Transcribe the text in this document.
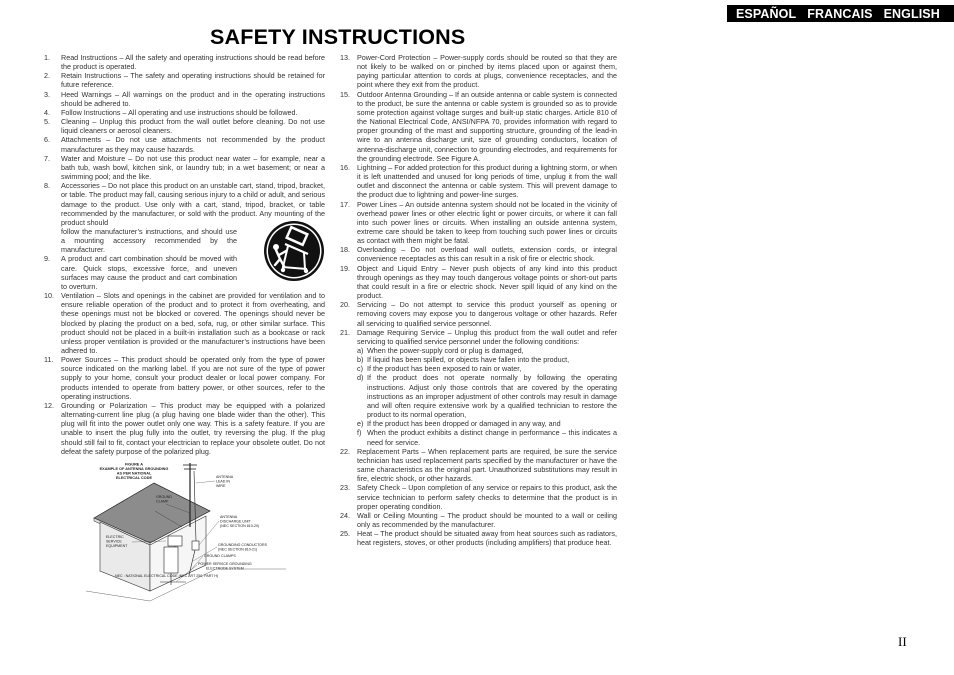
ESPAÑOL FRANCAIS ENGLISH
SAFETY INSTRUCTIONS
1. Read Instructions – All the safety and operating instructions should be read before the product is operated.
2. Retain Instructions – The safety and operating instructions should be retained for future reference.
3. Heed Warnings – All warnings on the product and in the operating instructions should be adhered to.
4. Follow Instructions – All operating and use instructions should be followed.
5. Cleaning – Unplug this product from the wall outlet before cleaning. Do not use liquid cleaners or aerosol cleaners.
6. Attachments – Do not use attachments not recommended by the product manufacturer as they may cause hazards.
7. Water and Moisture – Do not use this product near water – for example, near a bath tub, wash bowl, kitchen sink, or laundry tub; in a wet basement; or near a swimming pool; and the like.
8. Accessories – Do not place this product on an unstable cart, stand, tripod, bracket, or table. The product may fall, causing serious injury to a child or adult, and serious damage to the product. Use only with a cart, stand, tripod, bracket, or table recommended by the manufacturer, or sold with the product. Any mounting of the product should
follow the manufacturer’s instructions, and should use a mounting accessory recommended by the manufacturer.
9. A product and cart combination should be moved with care. Quick stops, excessive force, and uneven surfaces may cause the product and cart combination to overturn.
10. Ventilation – Slots and openings in the cabinet are provided for ventilation and to ensure reliable operation of the product and to protect it from overheating, and these openings must not be blocked or covered. The openings should never be blocked by placing the product on a bed, sofa, rug, or other similar surface. This product should not be placed in a built-in installation such as a bookcase or rack unless proper ventilation is provided or the manufacturer’s instructions have been adhered to.
11. Power Sources – This product should be operated only from the type of power source indicated on the marking label. If you are not sure of the type of power supply to your home, consult your product dealer or local power company. For products intended to operate from battery power, or other sources, refer to the operating instructions.
12. Grounding or Polarization – This product may be equipped with a polarized alternating-current line plug (a plug having one blade wider than the other). This plug will fit into the power outlet only one way. This is a safety feature. If you are unable to insert the plug fully into the outlet, try reversing the plug. If the plug should still fail to fit, contact your electrician to replace your obsolete outlet. Do not defeat the safety purpose of the polarized plug.
13. Power-Cord Protection – Power-supply cords should be routed so that they are not likely to be walked on or pinched by items placed upon or against them, paying particular attention to cords at plugs, convenience receptacles, and the point where they exit from the product.
15. Outdoor Antenna Grounding – If an outside antenna or cable system is connected to the product, be sure the antenna or cable system is grounded so as to provide some protection against voltage surges and built-up static charges. Article 810 of the National Electrical Code, ANSI/NFPA 70, provides information with regard to proper grounding of the mast and supporting structure, grounding of the lead-in wire to an antenna discharge unit, size of grounding conductors, location of antenna-discharge unit, connection to grounding electrodes, and requirements for the grounding electrode. See Figure A.
16. Lightning – For added protection for this product during a lightning storm, or when it is left unattended and unused for long periods of time, unplug it from the wall outlet and disconnect the antenna or cable system. This will prevent damage to the product due to lightning and power-line surges.
17. Power Lines – An outside antenna system should not be located in the vicinity of overhead power lines or other electric light or power circuits, or where it can fall into such power lines or circuits. When installing an outside antenna system, extreme care should be taken to keep from touching such power lines or circuits as contact with them might be fatal.
18. Overloading – Do not overload wall outlets, extension cords, or integral convenience receptacles as this can result in a risk of fire or electric shock.
19. Object and Liquid Entry – Never push objects of any kind into this product through openings as they may touch dangerous voltage points or short-out parts that could result in a fire or electric shock. Never spill liquid of any kind on the product.
20. Servicing – Do not attempt to service this product yourself as opening or removing covers may expose you to dangerous voltage or other hazards. Refer all servicing to qualified service personnel.
21. Damage Requiring Service – Unplug this product from the wall outlet and refer servicing to qualified service personnel under the following conditions:
a) When the power-supply cord or plug is damaged,
b) If liquid has been spilled, or objects have fallen into the product,
c) If the product has been exposed to rain or water,
d) If the product does not operate normally by following the operating instructions. Adjust only those controls that are covered by the operating instructions as an improper adjustment of other controls may result in damage and will often require extensive work by a qualified technician to restore the product to its normal operation,
e) If the product has been dropped or damaged in any way, and
f) When the product exhibits a distinct change in performance – this indicates a need for service.
22. Replacement Parts – When replacement parts are required, be sure the service technician has used replacement parts specified by the manufacturer or have the same characteristics as the original part. Unauthorized substitutions may result in fire, electric shock, or other hazards.
23. Safety Check – Upon completion of any service or repairs to this product, ask the service technician to perform safety checks to determine that the product is in proper operating condition.
24. Wall or Ceiling Mounting – The product should be mounted to a wall or ceiling only as recommended by the manufacturer.
25. Heat – The product should be situated away from heat sources such as radiators, heat registers, stoves, or other products (including amplifiers) that produce heat.
FIGURE A
EXAMPLE OF ANTENNA GROUNDING
AS PER NATIONAL
ELECTRICAL CODE	ANTENNA
LEAD IN
WIRE
GROUND
CLAMP
ANTENNA
DISCHARGE UNIT
(NEC SECTION 810-20)
ELECTRIC
SERVICE
EQUIPMENT	GROUNDING CONDUCTORS
(NEC SECTION 810-21)
GROUND CLAMPS
POWER SERVICE GROUNDING
ELECTRODE SYSTEM
NEC : NATIONAL ELECTRICAL CODE (NEC ART 250, PART H)
II
